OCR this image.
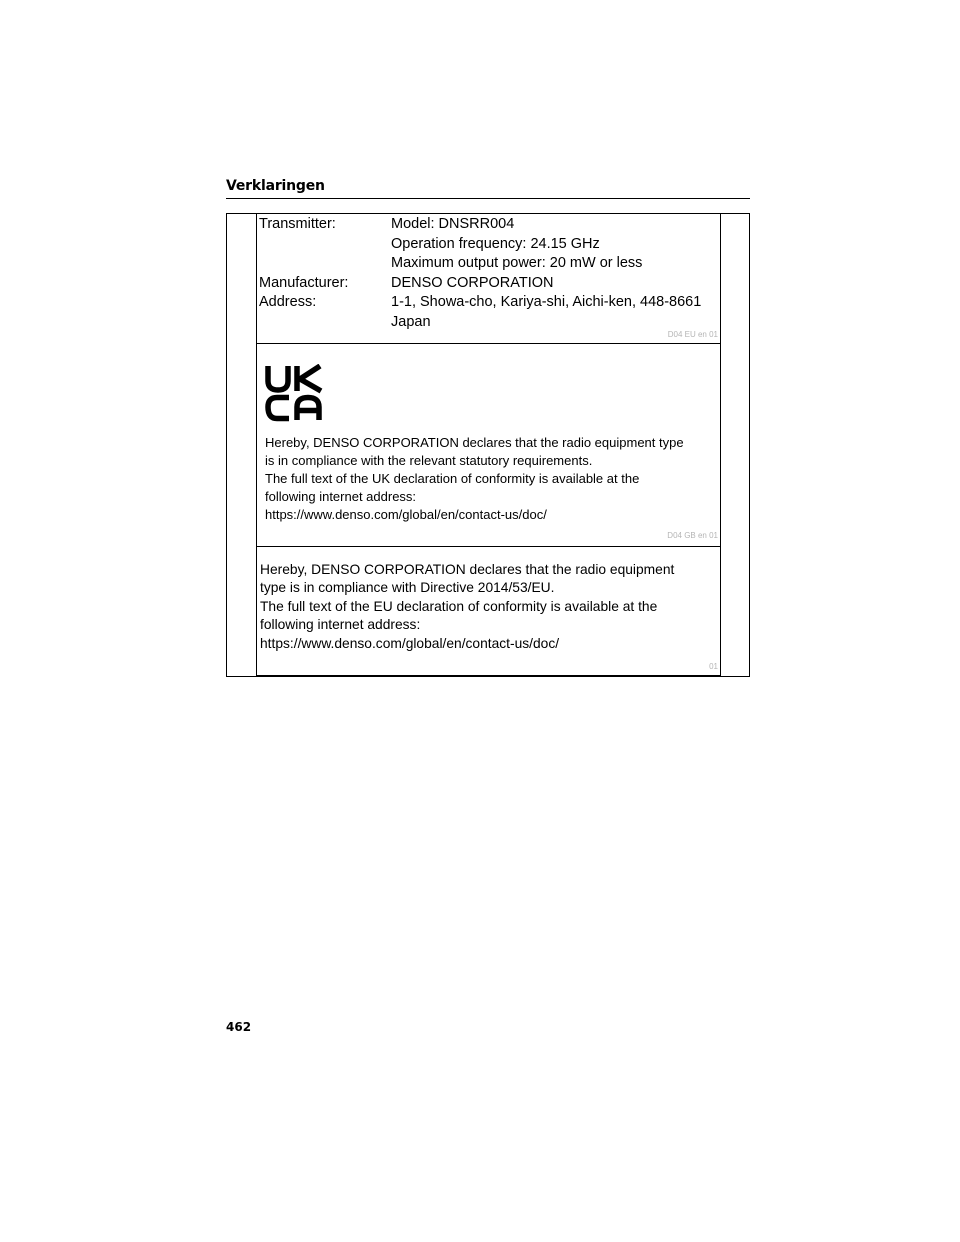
Verklaringen
Transmitter:	Model: DNSRR004
Operation frequency: 24.15 GHz
Maximum output power: 20 mW or less
Manufacturer:	DENSO CORPORATION
Address:	1-1, Showa-cho, Kariya-shi, Aichi-ken, 448-8661
Japan
D04 EU en 01
UK CA

Hereby, DENSO CORPORATION declares that the radio equipment type
is in compliance with the relevant statutory requirements.
The full text of the UK declaration of conformity is available at the
following internet address:
https://www.denso.com/global/en/contact-us/doc/

D04 GB en 01

Hereby, DENSO CORPORATION declares that the radio equipment
type is in compliance with Directive 2014/53/EU.
The full text of the EU declaration of conformity is available at the
following internet address:
https://www.denso.com/global/en/contact-us/doc/

01
462
